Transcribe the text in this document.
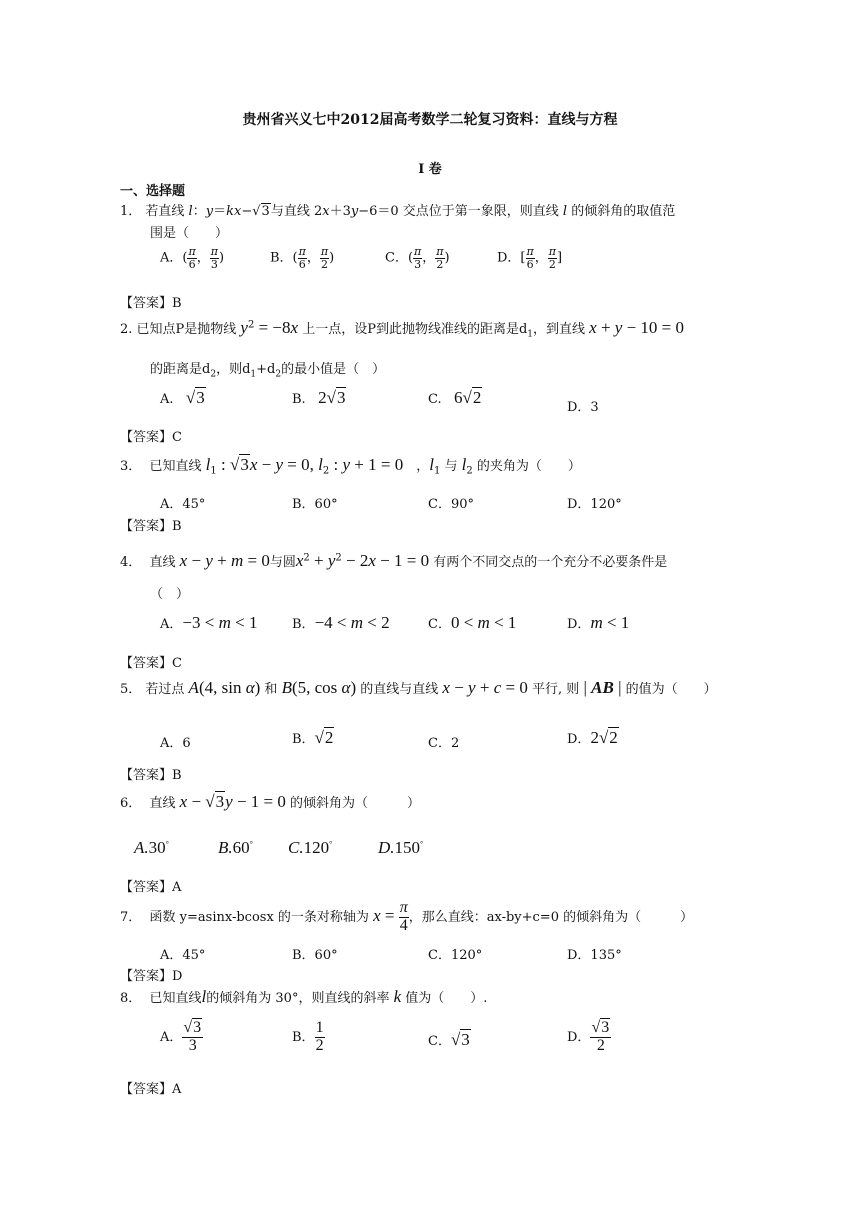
贵州省兴义七中2012届高考数学二轮复习资料：直线与方程
I 卷
一、选择题
1． 若直线 l：y＝kx−√3与直线 2x＋3y−6＝0 交点位于第一象限，则直线 l 的倾斜角的取值范
围是（　　）
A．( $\frac{\pi}{6}$ ， $\frac{\pi}{3}$ )	B．( $\frac{\pi}{6}$ ， $\frac{\pi}{2}$ )	C．( $\frac{\pi}{3}$ ， $\frac{\pi}{2}$ )	D．[ $\frac{\pi}{6}$ ， $\frac{\pi}{2}$ ]
【答案】B
2. 已知点P是抛物线 $y^2 = -8x$ 上一点，设P到此抛物线准线的距离是$d_1$，到直线 x + y − 10 = 0
的距离是$d_2$，则$d_1+d_2$的最小值是（　）
A.   √3	B.   2√3	C.   6√2
D．3
【答案】C
3．  已知直线 $l_1$ : √3x − y = 0, $l_2$ : y + 1 = 0　，$l_1$ 与 $l_2$ 的夹角为（　　）
A．45°	B．60°	C．90°	D．120°
【答案】B
4．  直线 x − y + m = 0与圆$x^2 + y^2 - 2x - 1 = 0$ 有两个不同交点的一个充分不必要条件是
（　）
A．−3 < m < 1	B．−4 < m < 2	C．0 < m < 1	D．m < 1
【答案】C
5． 若过点 A(4, sin α) 和 B(5, cos α) 的直线与直线 x − y + c = 0 平行, 则 | AB | 的值为（　　）
A．6	B．√2	C．2	D．2√2
【答案】B
6．  直线 x − √3y − 1 = 0 的倾斜角为（　　　）
A.30°	B.60° C.120°	D.150°
【答案】A
7．  函数 y=asinx-bcosx 的一条对称轴为 $x = \frac{\pi}{4}$ ，那么直线：ax-by+c=0 的倾斜角为（　　　）
A．45°	B．60°	C．120°	D．135°
【答案】D
8．  已知直线l的倾斜角为 30°，则直线的斜率 k 值为（　　）.
A． $\frac{√3}{3}$	B． $\frac{1}{2}$	C．√3	D． $\frac{√3}{2}$
【答案】A
